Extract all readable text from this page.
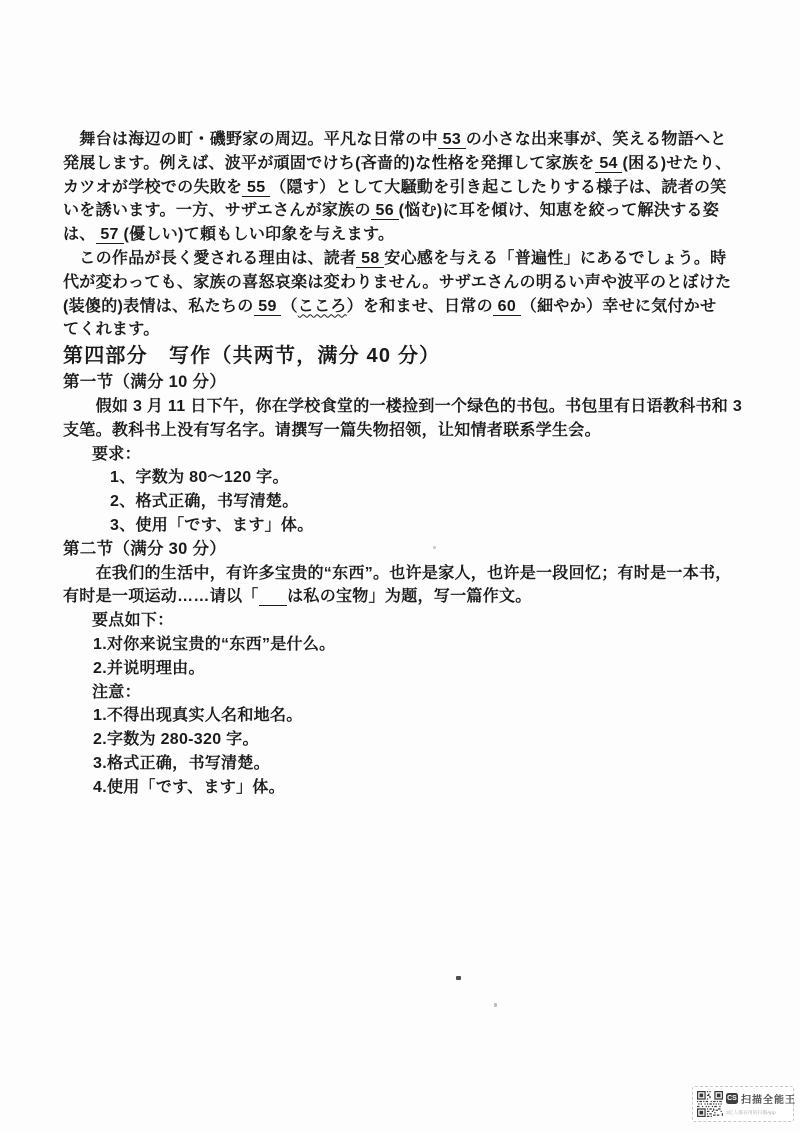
　舞台は海辺の町・磯野家の周辺。平凡な日常の中 53 の小さな出来事が、笑える物語へと
発展します。例えば、波平が頑固でけち(吝啬的)な性格を発揮して家族を 54 (困る)せたり、
カツオが学校での失敗を 55 （隠す）として大騒動を引き起こしたりする様子は、読者の笑
いを誘います。一方、サザエさんが家族の 56 (悩む)に耳を傾け、知恵を絞って解決する姿
は、 57 (優しい)て頼もしい印象を与えます。
　この作品が長く愛される理由は、読者 58 安心感を与える「普遍性」にあるでしょう。時
代が変わっても、家族の喜怒哀楽は変わりません。サザエさんの明るい声や波平のとぼけた
(装傻的)表情は、私たちの 59 （こころ）を和ませ、日常の 60 （細やか）幸せに気付かせ
てくれます。
第四部分　写作（共两节，满分 40 分）
第一节（满分 10 分）
　　假如 3 月 11 日下午，你在学校食堂的一楼捡到一个绿色的书包。书包里有日语教科书和 3
支笔。教科书上没有写名字。请撰写一篇失物招领，让知情者联系学生会。
要求：
1、字数为 80～120 字。
2、格式正确，书写清楚。
3、使用「です、ます」体。
第二节（满分 30 分）
　　在我们的生活中，有许多宝贵的“东西”。也许是家人，也许是一段回忆；有时是一本书，
有时是一项运动……请以「 は私の宝物」为题，写一篇作文。
要点如下：
1.对你来说宝贵的“东西”是什么。
2.并说明理由。
注意：
1.不得出现真实人名和地名。
2.字数为 280-320 字。
3.格式正确，书写清楚。
4.使用「です、ます」体。
CS 扫描全能王
3亿人都在用的扫描App
